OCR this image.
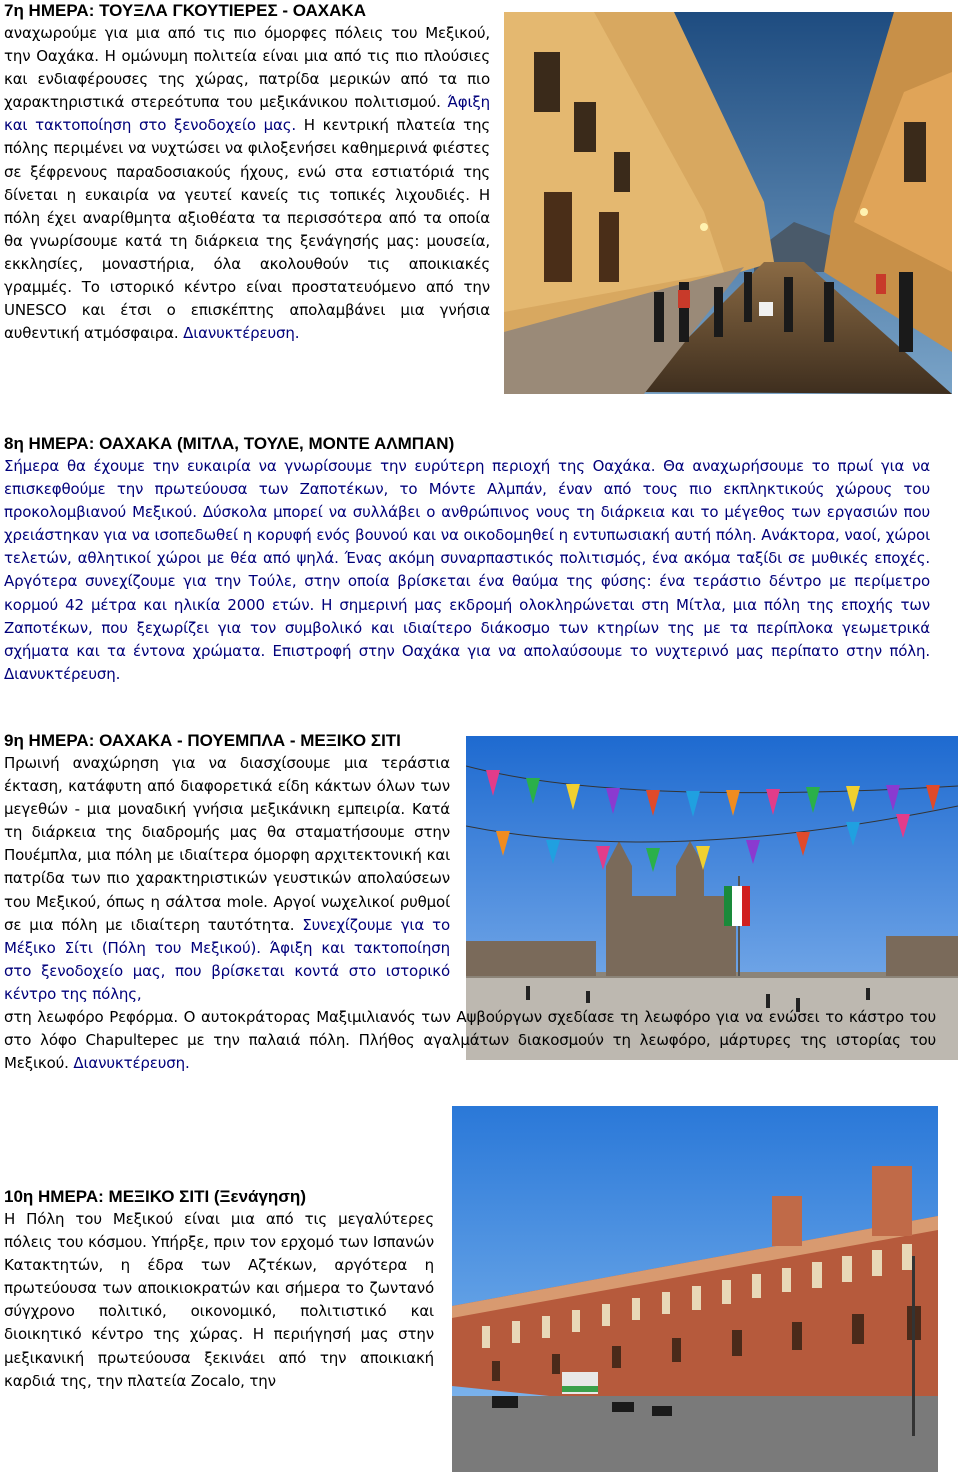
7η ΗΜΕΡΑ: ΤΟΥΞΛΑ ΓΚΟΥΤΙΕΡΕΣ - ΟΑΧΑΚΑ

αναχωρούμε για μια από τις πιο όμορφες πόλεις του Μεξικού, την Οαχάκα. Η ομώνυμη πολιτεία είναι μια από τις πιο πλούσιες και ενδιαφέρουσες της χώρας, πατρίδα μερικών από τα πιο χαρακτηριστικά στερεότυπα του μεξικάνικου πολιτισμού. Άφιξη και τακτοποίηση στο ξενοδοχείο μας. Η κεντρική πλατεία της πόλης περιμένει να νυχτώσει να φιλοξενήσει καθημερινά φιέστες σε ξέφρενους παραδοσιακούς ήχους, ενώ στα εστιατόριά της δίνεται η ευκαιρία να γευτεί κανείς τις τοπικές λιχουδιές. Η πόλη έχει αναρίθμητα αξιοθέατα τα περισσότερα από τα οποία θα γνωρίσουμε κατά τη διάρκεια της ξενάγησής μας: μουσεία, εκκλησίες, μοναστήρια, όλα ακολουθούν τις αποικιακές γραμμές. Το ιστορικό κέντρο είναι προστατευόμενο από την UNESCO και έτσι ο επισκέπτης απολαμβάνει μια γνήσια αυθεντική ατμόσφαιρα. Διανυκτέρευση.

8η ΗΜΕΡΑ: ΟΑΧΑΚΑ (ΜΙΤΛΑ, ΤΟΥΛΕ, ΜΟΝΤΕ ΑΛΜΠΑΝ)

Σήμερα θα έχουμε την ευκαιρία να γνωρίσουμε την ευρύτερη περιοχή της Οαχάκα. Θα αναχωρήσουμε το πρωί για να επισκεφθούμε την πρωτεύουσα των Ζαποτέκων, το Μόντε Αλμπάν, έναν από τους πιο εκπληκτικούς χώρους του προκολομβιανού Μεξικού. Δύσκολα μπορεί να συλλάβει ο ανθρώπινος νους τη διάρκεια και το μέγεθος των εργασιών που χρειάστηκαν για να ισοπεδωθεί η κορυφή ενός βουνού και να οικοδομηθεί η εντυπωσιακή αυτή πόλη. Ανάκτορα, ναοί, χώροι τελετών, αθλητικοί χώροι με θέα από ψηλά. Ένας ακόμη συναρπαστικός πολιτισμός, ένα ακόμα ταξίδι σε μυθικές εποχές. Αργότερα συνεχίζουμε για την Τούλε, στην οποία βρίσκεται ένα θαύμα της φύσης: ένα τεράστιο δέντρο με περίμετρο κορμού 42 μέτρα και ηλικία 2000 ετών. Η σημερινή μας εκδρομή ολοκληρώνεται στη Μίτλα, μια πόλη της εποχής των Ζαποτέκων, που ξεχωρίζει για τον συμβολικό και ιδιαίτερο διάκοσμο των κτηρίων της με τα περίπλοκα γεωμετρικά σχήματα και τα έντονα χρώματα. Επιστροφή στην Οαχάκα για να απολαύσουμε το νυχτερινό μας περίπατο στην πόλη. Διανυκτέρευση.

9η ΗΜΕΡΑ: ΟΑΧΑΚΑ - ΠΟΥΕΜΠΛΑ - ΜΕΞΙΚΟ ΣΙΤΙ

Πρωινή αναχώρηση για να διασχίσουμε μια τεράστια έκταση, κατάφυτη από διαφορετικά είδη κάκτων όλων των μεγεθών - μια μοναδική γνήσια μεξικάνικη εμπειρία. Κατά τη διάρκεια της διαδρομής μας θα σταματήσουμε στην Πουέμπλα, μια πόλη με ιδιαίτερα όμορφη αρχιτεκτονική και πατρίδα των πιο χαρακτηριστικών γευστικών απολαύσεων του Μεξικού, όπως η σάλτσα mole. Αργοί νωχελικοί ρυθμοί σε μια πόλη με ιδιαίτερη ταυτότητα. Συνεχίζουμε για το Μέξικο Σίτι (Πόλη του Μεξικού). Άφιξη και τακτοποίηση στο ξενοδοχείο μας, που βρίσκεται κοντά στο ιστορικό κέντρο της πόλης,

στη λεωφόρο Ρεφόρμα. Ο αυτοκράτορας Μαξιμιλιανός των Αψβούργων σχεδίασε τη λεωφόρο για να ενώσει το κάστρο του στο λόφο Chapultepec με την παλαιά πόλη. Πλήθος αγαλμάτων διακοσμούν τη λεωφόρο, μάρτυρες της ιστορίας του Μεξικού. Διανυκτέρευση.

10η ΗΜΕΡΑ: ΜΕΞΙΚΟ ΣΙΤΙ (Ξενάγηση)

Η Πόλη του Μεξικού είναι μια από τις μεγαλύτερες πόλεις του κόσμου. Υπήρξε, πριν τον ερχομό των Ισπανών Κατακτητών, η έδρα των Αζτέκων, αργότερα η πρωτεύουσα των αποικιοκρατών και σήμερα το ζωντανό σύγχρονο πολιτικό, οικονομικό, πολιτιστικό και διοικητικό κέντρο της χώρας. Η περιήγησή μας στην μεξικανική πρωτεύουσα ξεκινάει από την αποικιακή καρδιά της, την πλατεία Zocalo, την
